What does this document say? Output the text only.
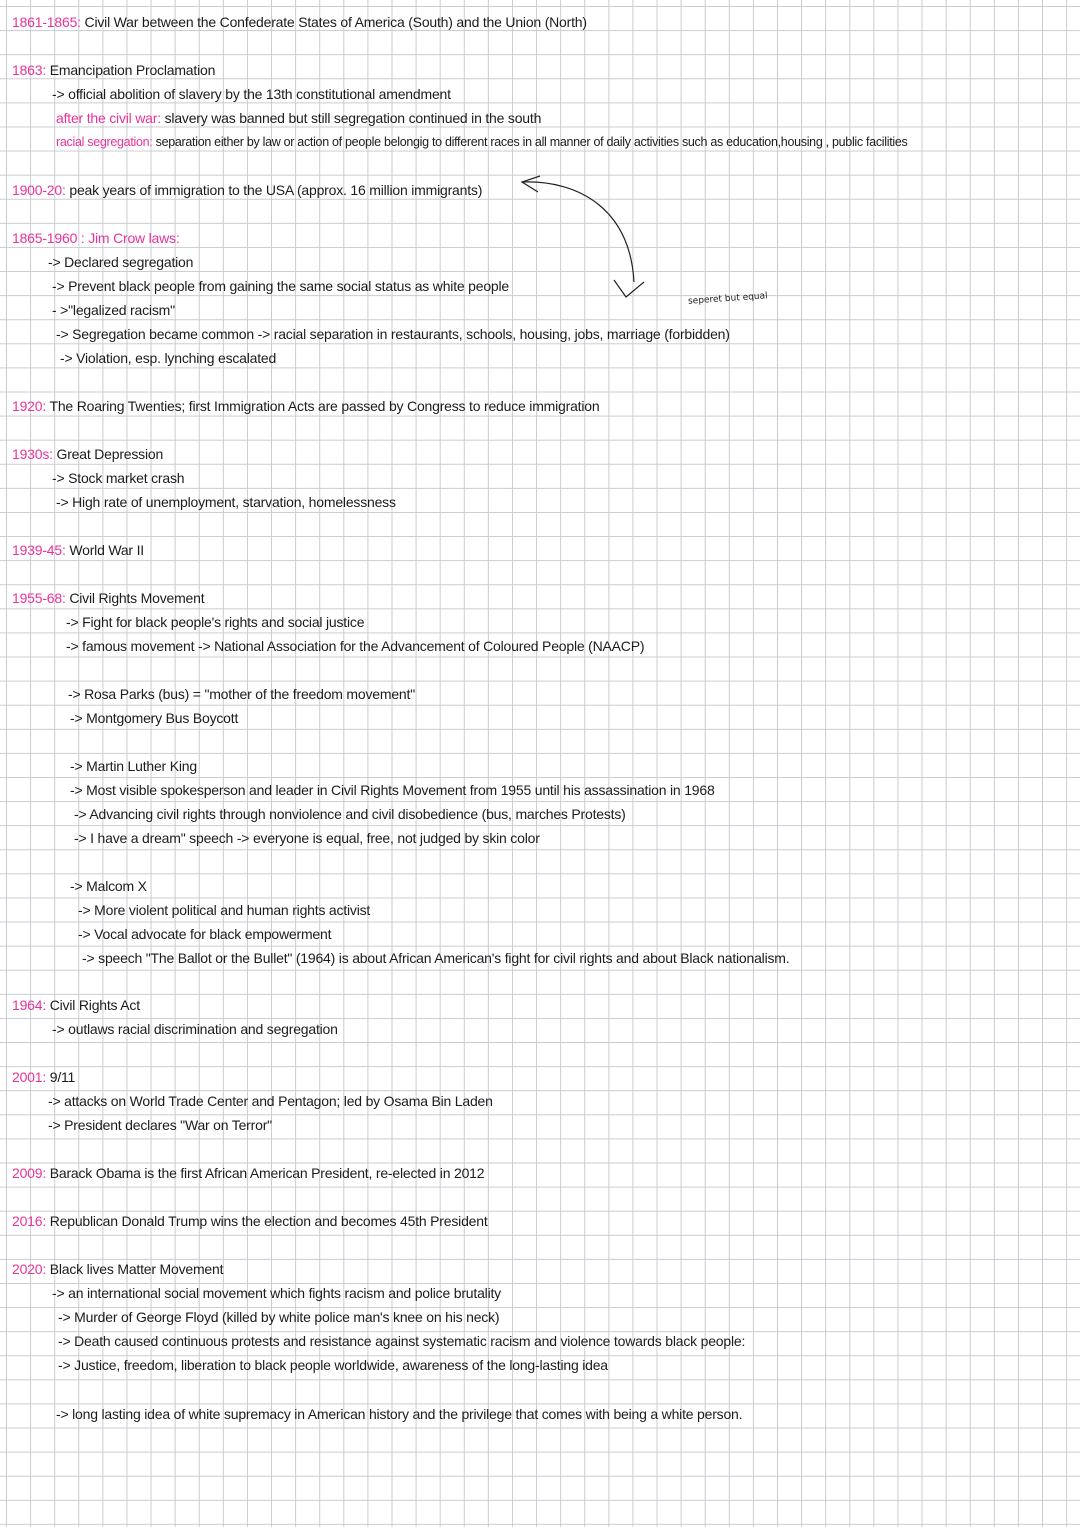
seperet but equal
1861-1865: Civil War between the Confederate States of America (South) and the Union (North)
1863: Emancipation Proclamation
-> official abolition of slavery by the 13th constitutional amendment
after the civil war: slavery was banned but still segregation continued in the south
racial segregation: separation either by law or action of people belongig to different races in all manner of daily activities such as education,housing , public facilities
1900-20: peak years of immigration to the USA (approx. 16 million immigrants)
1865-1960 : Jim Crow laws:
-> Declared segregation
-> Prevent black people from gaining the same social status as white people
- >"legalized racism"
-> Segregation became common -> racial separation in restaurants, schools, housing, jobs, marriage (forbidden)
-> Violation, esp. lynching escalated
1920: The Roaring Twenties; first Immigration Acts are passed by Congress to reduce immigration
1930s: Great Depression
-> Stock market crash
-> High rate of unemployment, starvation, homelessness
1939-45: World War II
1955-68: Civil Rights Movement
-> Fight for black people's rights and social justice
-> famous movement -> National Association for the Advancement of Coloured People (NAACP)
-> Rosa Parks (bus) = "mother of the freedom movement"
-> Montgomery Bus Boycott
-> Martin Luther King
-> Most visible spokesperson and leader in Civil Rights Movement from 1955 until his assassination in 1968
-> Advancing civil rights through nonviolence and civil disobedience (bus, marches Protests)
-> I have a dream" speech -> everyone is equal, free, not judged by skin color
-> Malcom X
-> More violent political and human rights activist
-> Vocal advocate for black empowerment
-> speech "The Ballot or the Bullet" (1964) is about African American's fight for civil rights and about Black nationalism.
1964: Civil Rights Act
-> outlaws racial discrimination and segregation
2001: 9/11
-> attacks on World Trade Center and Pentagon; led by Osama Bin Laden
-> President declares "War on Terror"
2009: Barack Obama is the first African American President, re-elected in 2012
2016: Republican Donald Trump wins the election and becomes 45th President
2020: Black lives Matter Movement
-> an international social movement which fights racism and police brutality
-> Murder of George Floyd (killed by white police man's knee on his neck)
-> Death caused continuous protests and resistance against systematic racism and violence towards black people:
-> Justice, freedom, liberation to black people worldwide, awareness of the long-lasting idea
-> long lasting idea of white supremacy in American history and the privilege that comes with being a white person.
